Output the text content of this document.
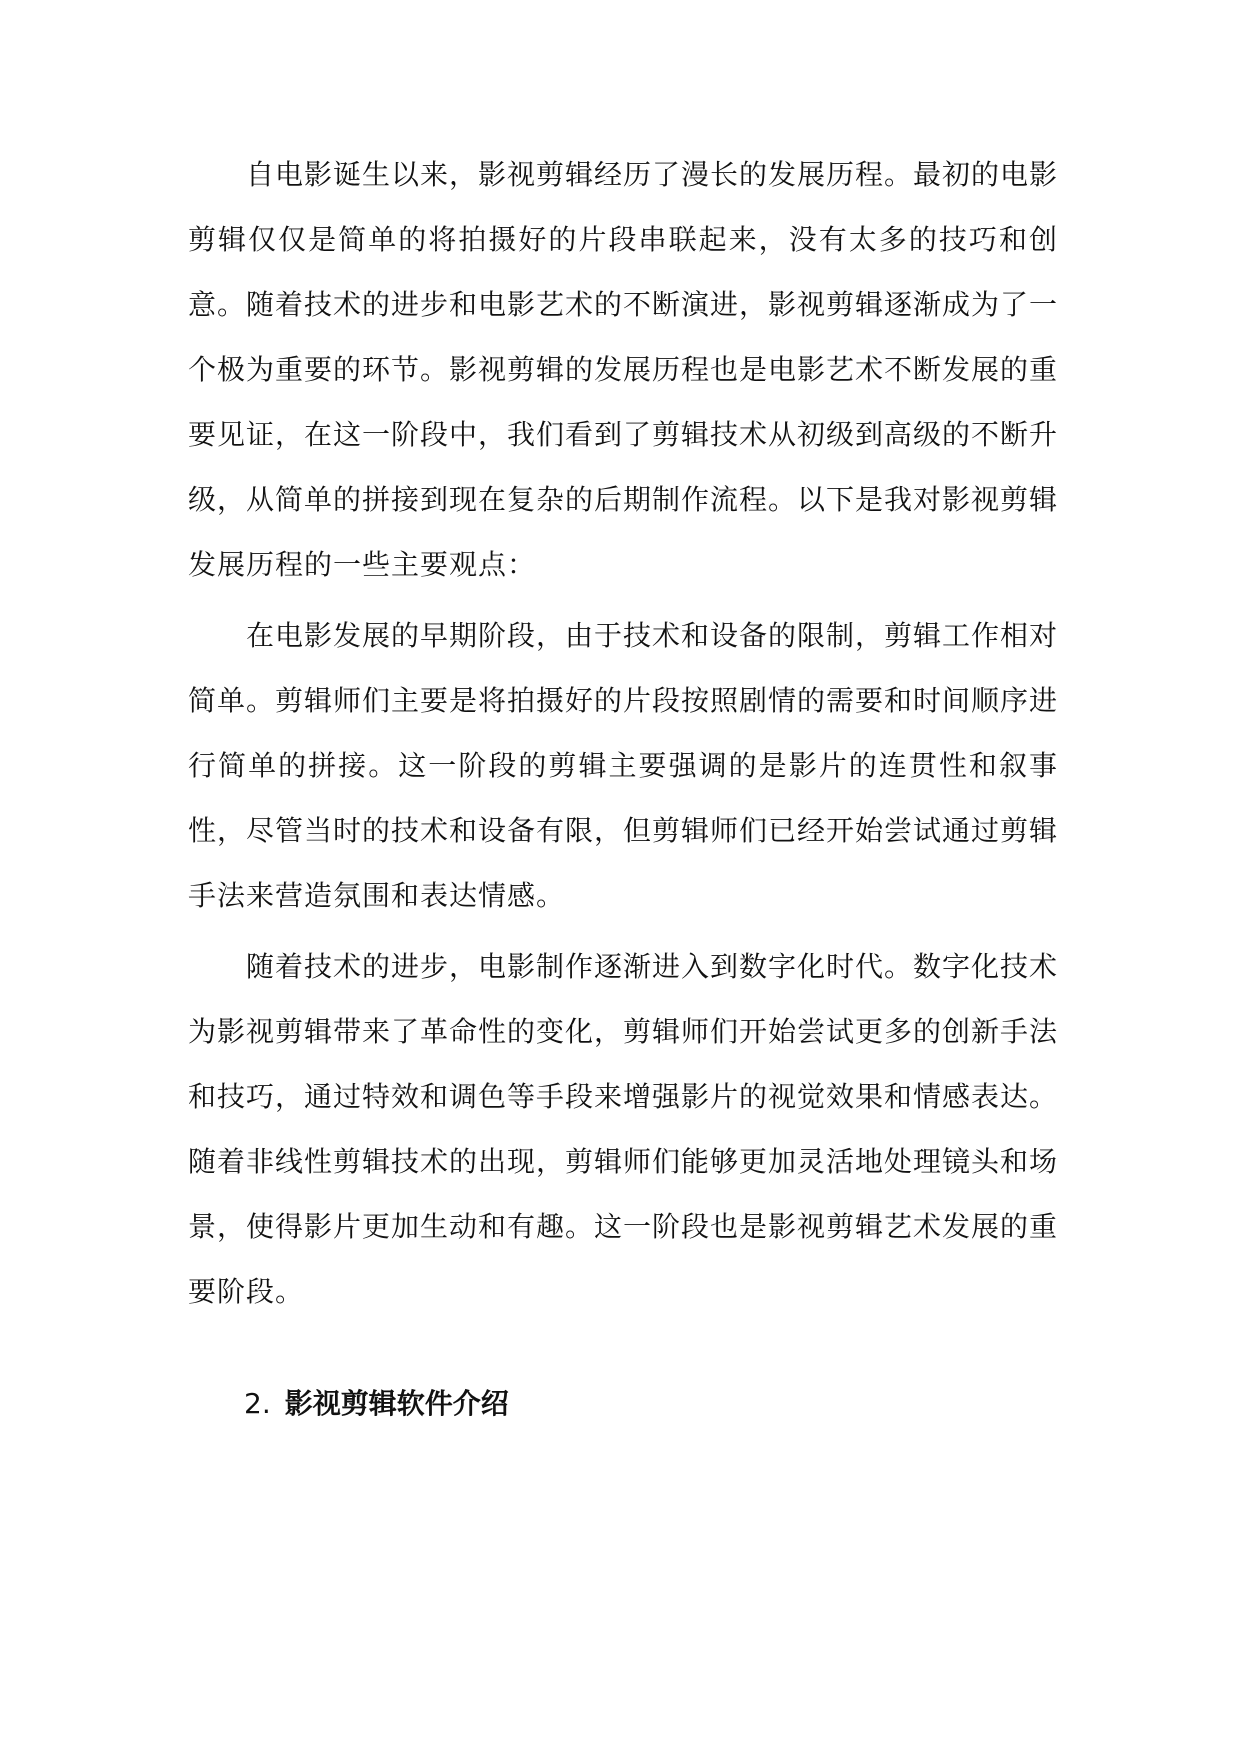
自电影诞生以来，影视剪辑经历了漫长的发展历程。最初的电影剪辑仅仅是简单的将拍摄好的片段串联起来，没有太多的技巧和创意。随着技术的进步和电影艺术的不断演进，影视剪辑逐渐成为了一个极为重要的环节。影视剪辑的发展历程也是电影艺术不断发展的重要见证，在这一阶段中，我们看到了剪辑技术从初级到高级的不断升级，从简单的拼接到现在复杂的后期制作流程。以下是我对影视剪辑发展历程的一些主要观点：

在电影发展的早期阶段，由于技术和设备的限制，剪辑工作相对简单。剪辑师们主要是将拍摄好的片段按照剧情的需要和时间顺序进行简单的拼接。这一阶段的剪辑主要强调的是影片的连贯性和叙事性，尽管当时的技术和设备有限，但剪辑师们已经开始尝试通过剪辑手法来营造氛围和表达情感。

随着技术的进步，电影制作逐渐进入到数字化时代。数字化技术为影视剪辑带来了革命性的变化，剪辑师们开始尝试更多的创新手法和技巧，通过特效和调色等手段来增强影片的视觉效果和情感表达。随着非线性剪辑技术的出现，剪辑师们能够更加灵活地处理镜头和场景，使得影片更加生动和有趣。这一阶段也是影视剪辑艺术发展的重要阶段。

2. 影视剪辑软件介绍
